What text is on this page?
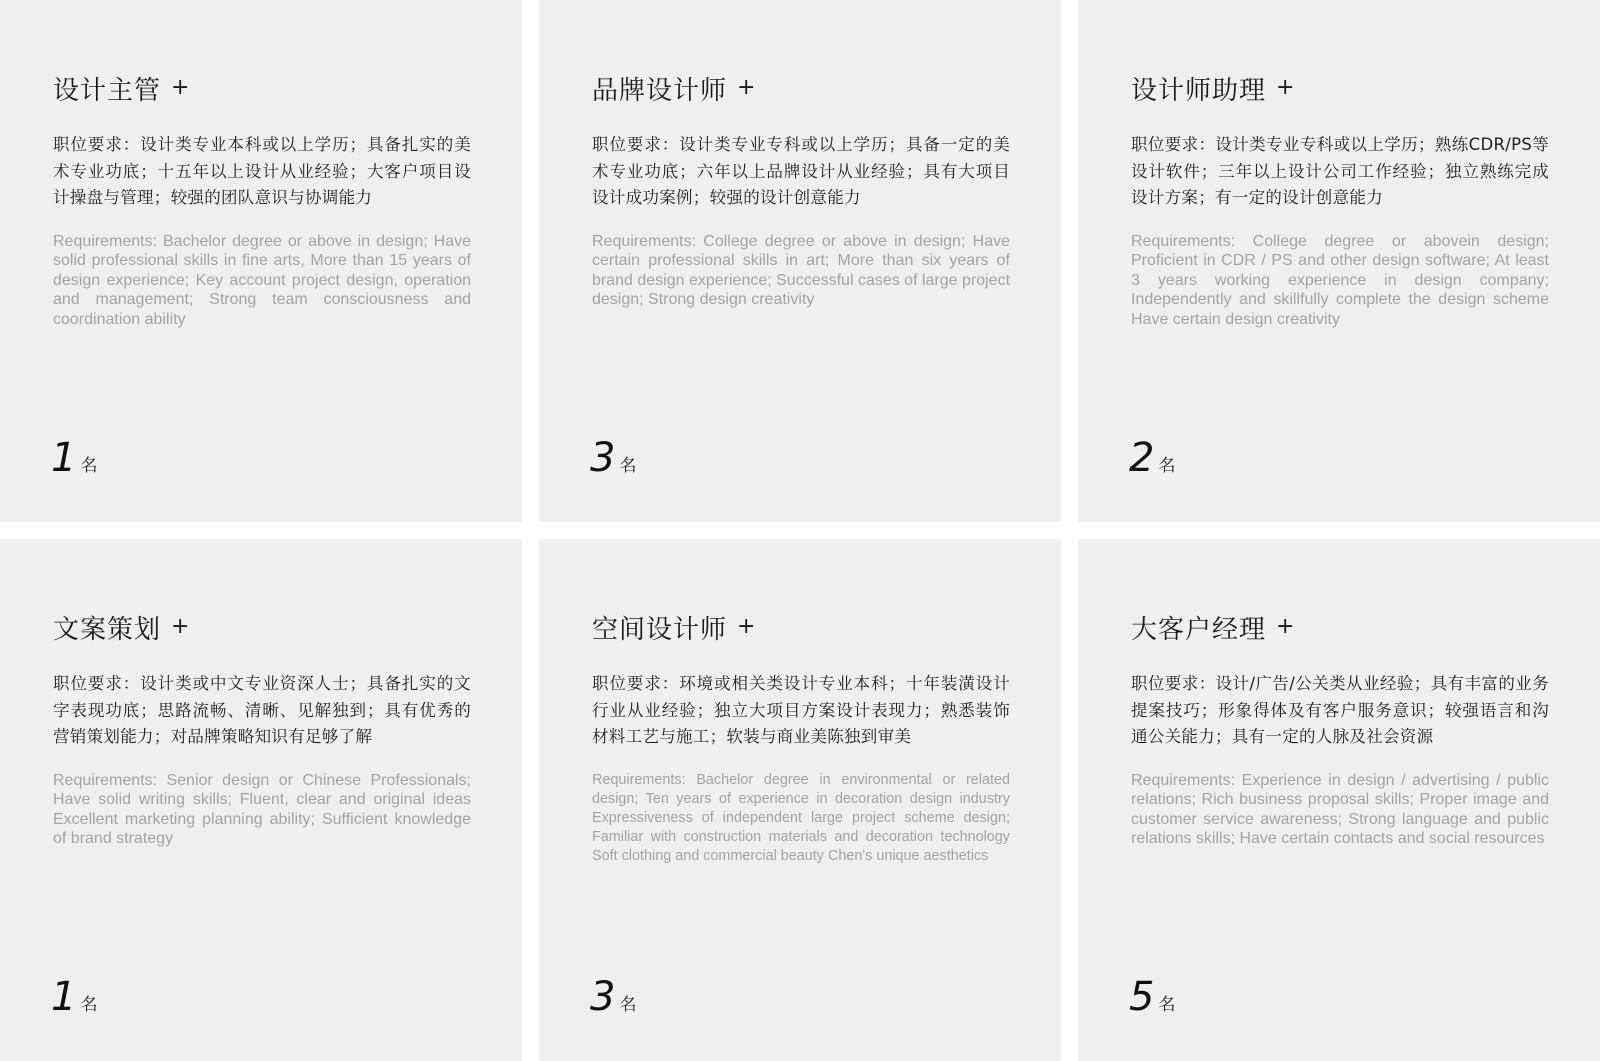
设计主管 +
职位要求：设计类专业本科或以上学历；具备扎实的美术专业功底；十五年以上设计从业经验；大客户项目设计操盘与管理；较强的团队意识与协调能力
Requirements: Bachelor degree or above in design; Have solid professional skills in fine arts, More than 15 years of design experience; Key account project design, operation and management; Strong team consciousness and coordination ability
1 名
品牌设计师 +
职位要求：设计类专业专科或以上学历；具备一定的美术专业功底；六年以上品牌设计从业经验；具有大项目设计成功案例；较强的设计创意能力
Requirements: College degree or above in design; Have certain professional skills in art; More than six years of brand design experience; Successful cases of large project design; Strong design creativity
3 名
设计师助理 +
职位要求：设计类专业专科或以上学历；熟练CDR/PS等设计软件；三年以上设计公司工作经验；独立熟练完成设计方案；有一定的设计创意能力
Requirements: College degree or abovein design; Proficient in CDR / PS and other design software; At least 3 years working experience in design company; Independently and skillfully complete the design scheme Have certain design creativity
2 名
文案策划 +
职位要求：设计类或中文专业资深人士；具备扎实的文字表现功底；思路流畅、清晰、见解独到；具有优秀的营销策划能力；对品牌策略知识有足够了解
Requirements: Senior design or Chinese Professionals; Have solid writing skills; Fluent, clear and original ideas Excellent marketing planning ability; Sufficient knowledge of brand strategy
1 名
空间设计师 +
职位要求：环境或相关类设计专业本科；十年装潢设计行业从业经验；独立大项目方案设计表现力；熟悉装饰材料工艺与施工；软装与商业美陈独到审美
Requirements: Bachelor degree in environmental or related design; Ten years of experience in decoration design industry Expressiveness of independent large project scheme design; Familiar with construction materials and decoration technology Soft clothing and commercial beauty Chen's unique aesthetics
3 名
大客户经理 +
职位要求：设计/广告/公关类从业经验；具有丰富的业务提案技巧；形象得体及有客户服务意识；较强语言和沟通公关能力；具有一定的人脉及社会资源
Requirements: Experience in design / advertising / public relations; Rich business proposal skills; Proper image and customer service awareness; Strong language and public relations skills; Have certain contacts and social resources
5 名
